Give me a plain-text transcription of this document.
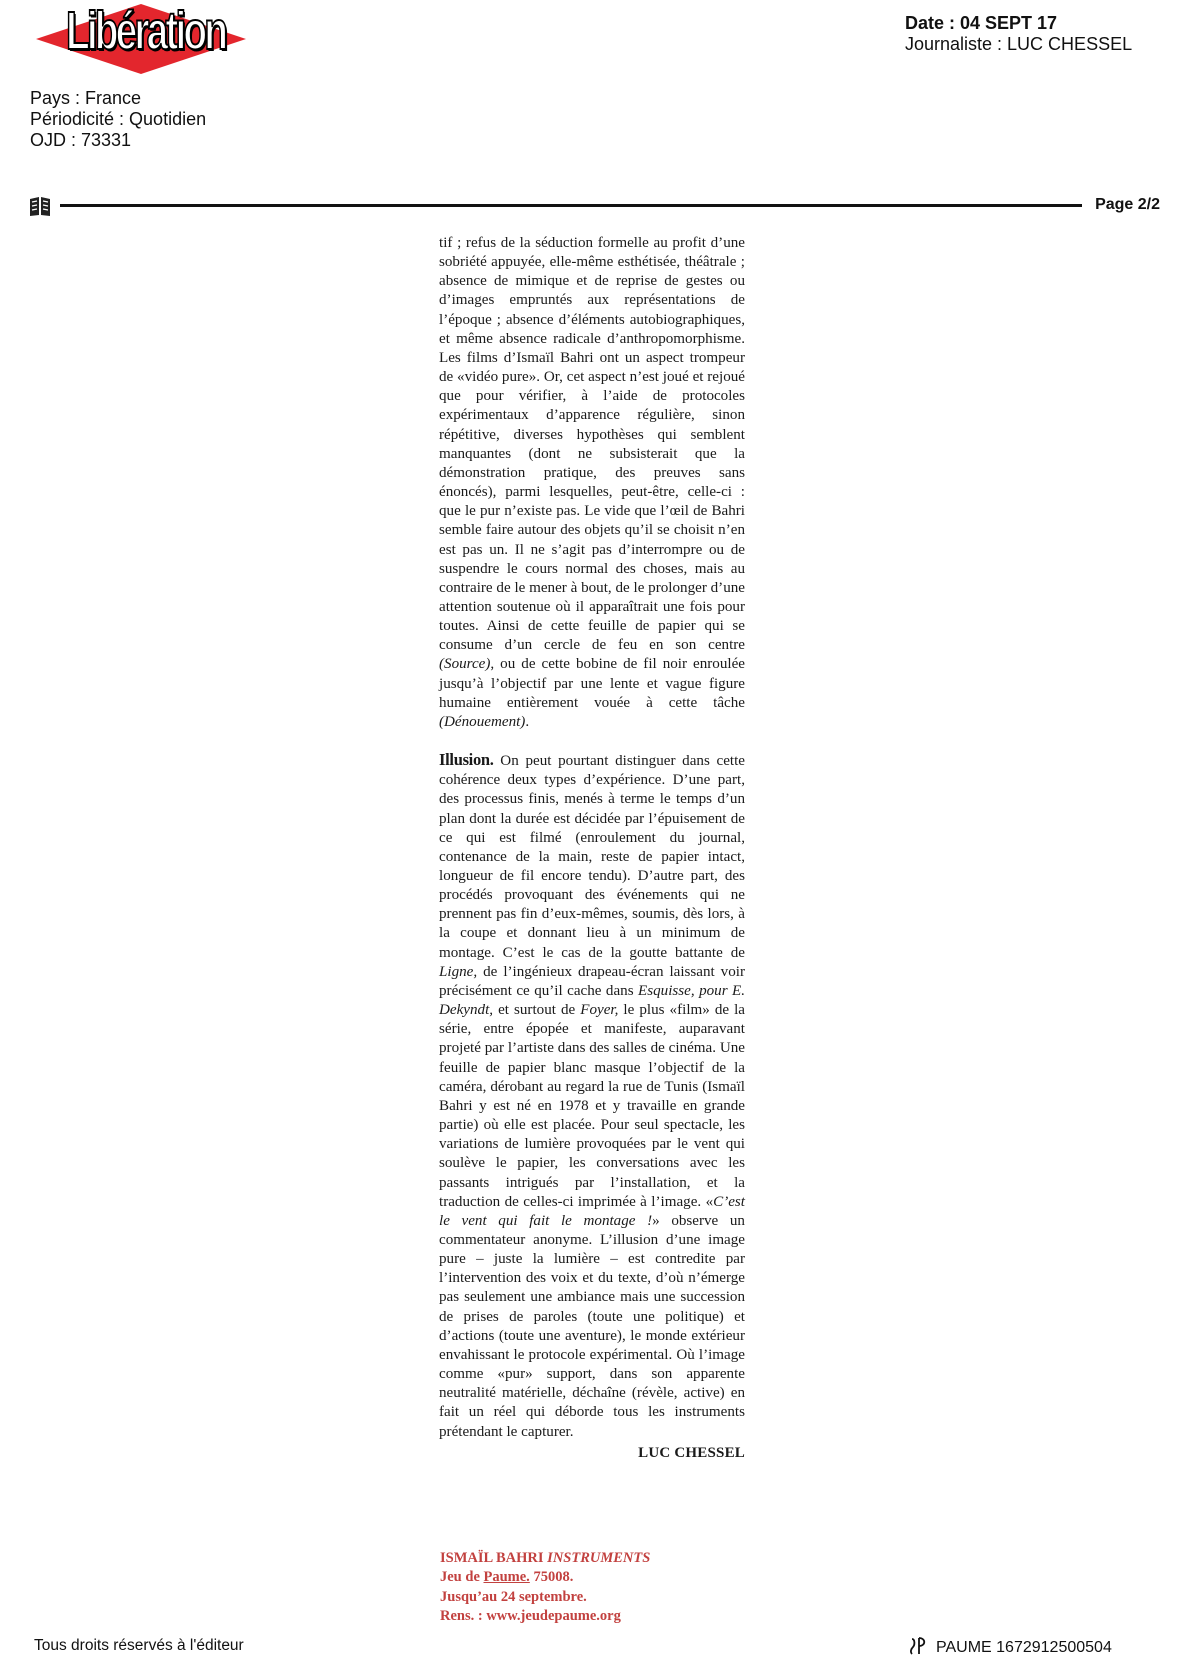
Libération
Pays : France
Périodicité : Quotidien
OJD : 73331
Date : 04 SEPT 17
Journaliste : LUC CHESSEL
Page 2/2

tif ; refus de la séduction formelle au profit d’une sobriété appuyée, elle-même esthétisée, théâtrale ; absence de mimique et de reprise de gestes ou d’images empruntés aux représentations de l’époque ; absence d’éléments autobiographiques, et même absence radicale d’anthropomorphisme. Les films d’Ismaïl Bahri ont un aspect trompeur de «vidéo pure». Or, cet aspect n’est joué et rejoué que pour vérifier, à l’aide de protocoles expérimentaux d’apparence régulière, sinon répétitive, diverses hypothèses qui semblent manquantes (dont ne subsisterait que la démonstration pratique, des preuves sans énoncés), parmi lesquelles, peut-être, celle-ci : que le pur n’existe pas. Le vide que l’œil de Bahri semble faire autour des objets qu’il se choisit n’en est pas un. Il ne s’agit pas d’interrompre ou de suspendre le cours normal des choses, mais au contraire de le mener à bout, de le prolonger d’une attention soutenue où il apparaîtrait une fois pour toutes. Ainsi de cette feuille de papier qui se consume d’un cercle de feu en son centre (Source), ou de cette bobine de fil noir enroulée jusqu’à l’objectif par une lente et vague figure humaine entièrement vouée à cette tâche (Dénouement).

Illusion. On peut pourtant distinguer dans cette cohérence deux types d’expérience. D’une part, des processus finis, menés à terme le temps d’un plan dont la durée est décidée par l’épuisement de ce qui est filmé (enroulement du journal, contenance de la main, reste de papier intact, longueur de fil encore tendu). D’autre part, des procédés provoquant des événements qui ne prennent pas fin d’eux-mêmes, soumis, dès lors, à la coupe et donnant lieu à un minimum de montage. C’est le cas de la goutte battante de Ligne, de l’ingénieux drapeau-écran laissant voir précisément ce qu’il cache dans Esquisse, pour E. Dekyndt, et surtout de Foyer, le plus «film» de la série, entre épopée et manifeste, auparavant projeté par l’artiste dans des salles de cinéma. Une feuille de papier blanc masque l’objectif de la caméra, dérobant au regard la rue de Tunis (Ismaïl Bahri y est né en 1978 et y travaille en grande partie) où elle est placée. Pour seul spectacle, les variations de lumière provoquées par le vent qui soulève le papier, les conversations avec les passants intrigués par l’installation, et la traduction de celles-ci imprimée à l’image. «C’est le vent qui fait le montage !» observe un commentateur anonyme. L’illusion d’une image pure – juste la lumière – est contredite par l’intervention des voix et du texte, d’où n’émerge pas seulement une ambiance mais une succession de prises de paroles (toute une politique) et d’actions (toute une aventure), le monde extérieur envahissant le protocole expérimental. Où l’image comme «pur» support, dans son apparente neutralité matérielle, déchaîne (révèle, active) en fait un réel qui déborde tous les instruments prétendant le capturer.

LUC CHESSEL
ISMAÏL BAHRI INSTRUMENTS
Jeu de Paume. 75008.
Jusqu’au 24 septembre.
Rens. : www.jeudepaume.org
Tous droits réservés à l'éditeur	PAUME 1672912500504
